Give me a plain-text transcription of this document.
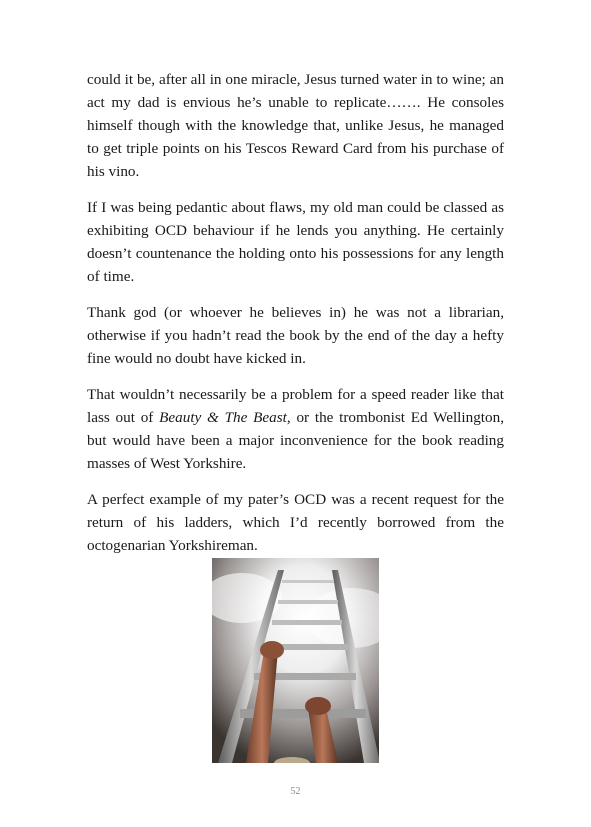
could it be, after all in one miracle, Jesus turned water in to wine; an act my dad is envious he’s unable to replicate……. He consoles himself though with the knowledge that, unlike Jesus, he managed to get triple points on his Tescos Reward Card from his purchase of his vino.

If I was being pedantic about flaws, my old man could be classed as exhibiting OCD behaviour if he lends you anything. He certainly doesn’t countenance the holding onto his possessions for any length of time.

Thank god (or whoever he believes in) he was not a librarian, otherwise if you hadn’t read the book by the end of the day a hefty fine would no doubt have kicked in.

That wouldn’t necessarily be a problem for a speed reader like that lass out of Beauty & The Beast, or the trombonist Ed Wellington, but would have been a major inconvenience for the book reading masses of West Yorkshire.

A perfect example of my pater’s OCD was a recent request for the return of his ladders, which I’d recently borrowed from the octogenarian Yorkshireman.

52
